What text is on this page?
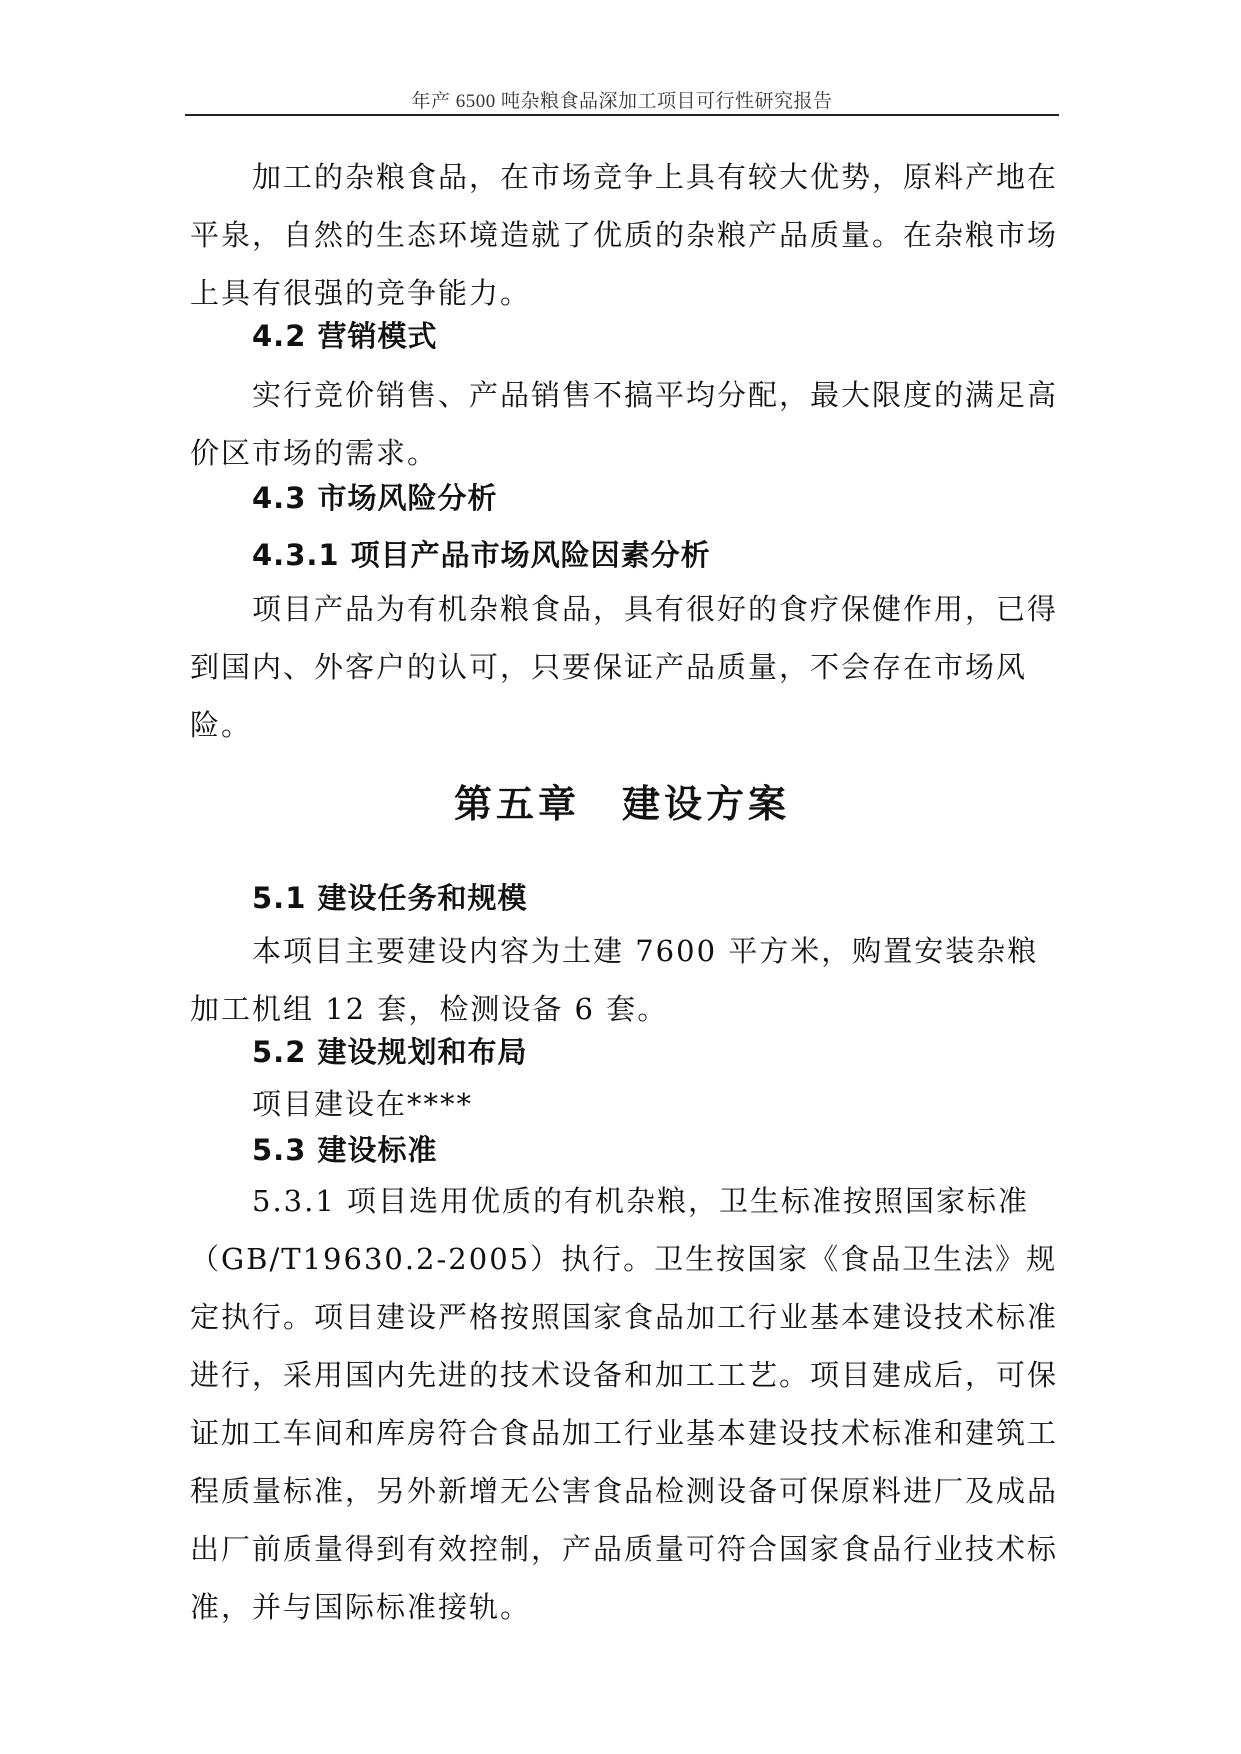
年产 6500 吨杂粮食品深加工项目可行性研究报告

　　加工的杂粮食品，在市场竞争上具有较大优势，原料产地在平泉，自然的生态环境造就了优质的杂粮产品质量。在杂粮市场上具有很强的竞争能力。

4.2 营销模式

　　实行竞价销售、产品销售不搞平均分配，最大限度的满足高价区市场的需求。

4.3 市场风险分析
4.3.1 项目产品市场风险因素分析

　　项目产品为有机杂粮食品，具有很好的食疗保健作用，已得到国内、外客户的认可，只要保证产品质量，不会存在市场风险。

第五章　建设方案
5.1 建设任务和规模

　　本项目主要建设内容为土建 7600 平方米，购置安装杂粮加工机组 12 套，检测设备 6 套。

5.2 建设规划和布局

　　项目建设在****

5.3 建设标准

　　5.3.1 项目选用优质的有机杂粮，卫生标准按照国家标准（GB/T19630.2-2005）执行。卫生按国家《食品卫生法》规定执行。项目建设严格按照国家食品加工行业基本建设技术标准进行，采用国内先进的技术设备和加工工艺。项目建成后，可保证加工车间和库房符合食品加工行业基本建设技术标准和建筑工程质量标准，另外新增无公害食品检测设备可保原料进厂及成品出厂前质量得到有效控制，产品质量可符合国家食品行业技术标准，并与国际标准接轨。
